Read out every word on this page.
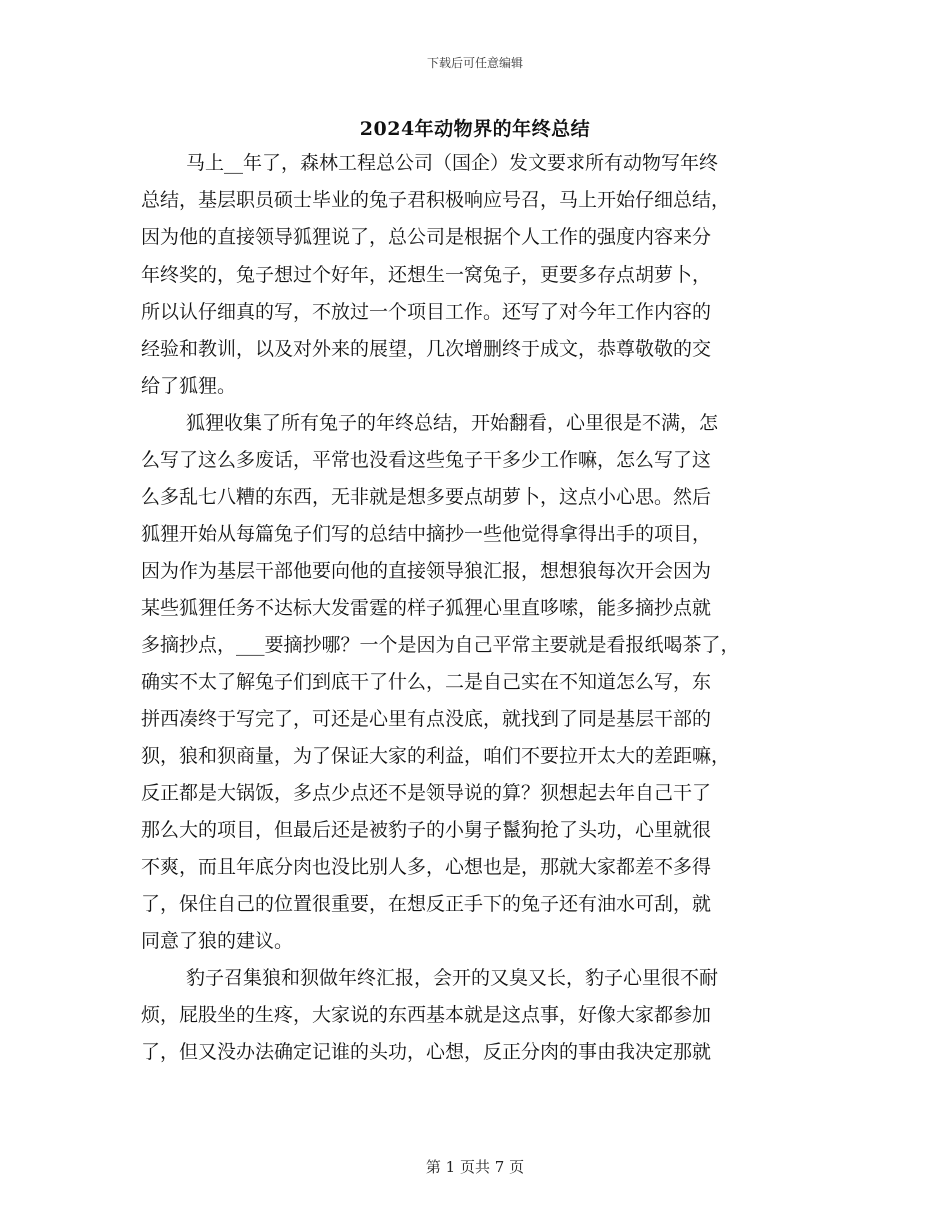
下载后可任意编辑
2024年动物界的年终总结
马上__年了，森林工程总公司（国企）发文要求所有动物写年终
总结，基层职员硕士毕业的兔子君积极响应号召，马上开始仔细总结，
因为他的直接领导狐狸说了，总公司是根据个人工作的强度内容来分
年终奖的，兔子想过个好年，还想生一窝兔子，更要多存点胡萝卜，
所以认仔细真的写，不放过一个项目工作。还写了对今年工作内容的
经验和教训，以及对外来的展望，几次增删终于成文，恭尊敬敬的交
给了狐狸。
狐狸收集了所有兔子的年终总结，开始翻看，心里很是不满，怎
么写了这么多废话，平常也没看这些兔子干多少工作嘛，怎么写了这
么多乱七八糟的东西，无非就是想多要点胡萝卜，这点小心思。然后
狐狸开始从每篇兔子们写的总结中摘抄一些他觉得拿得出手的项目，
因为作为基层干部他要向他的直接领导狼汇报，想想狼每次开会因为
某些狐狸任务不达标大发雷霆的样子狐狸心里直哆嗦，能多摘抄点就
多摘抄点，___要摘抄哪？一个是因为自己平常主要就是看报纸喝茶了，
确实不太了解兔子们到底干了什么，二是自己实在不知道怎么写，东
拼西凑终于写完了，可还是心里有点没底，就找到了同是基层干部的
狈，狼和狈商量，为了保证大家的利益，咱们不要拉开太大的差距嘛，
反正都是大锅饭，多点少点还不是领导说的算？狈想起去年自己干了
那么大的项目，但最后还是被豹子的小舅子鬣狗抢了头功，心里就很
不爽，而且年底分肉也没比别人多，心想也是，那就大家都差不多得
了，保住自己的位置很重要，在想反正手下的兔子还有油水可刮，就
同意了狼的建议。
豹子召集狼和狈做年终汇报，会开的又臭又长，豹子心里很不耐
烦，屁股坐的生疼，大家说的东西基本就是这点事，好像大家都参加
了，但又没办法确定记谁的头功，心想，反正分肉的事由我决定那就
第 1 页共 7 页
